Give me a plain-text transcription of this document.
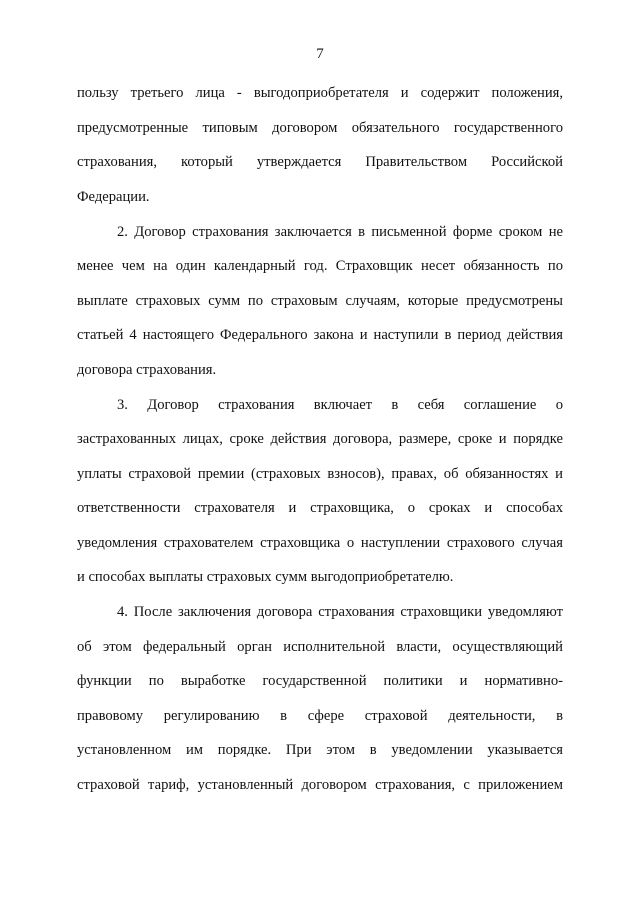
7
пользу третьего лица - выгодоприобретателя и содержит положения,
предусмотренные типовым договором обязательного государственного
страхования, который утверждается Правительством Российской
Федерации.
2. Договор страхования заключается в письменной форме сроком не
менее чем на один календарный год. Страховщик несет обязанность по
выплате страховых сумм по страховым случаям, которые предусмотрены
статьей 4 настоящего Федерального закона и наступили в период действия
договора страхования.
3. Договор страхования включает в себя соглашение о
застрахованных лицах, сроке действия договора, размере, сроке и порядке
уплаты страховой премии (страховых взносов), правах, об обязанностях и
ответственности страхователя и страховщика, о сроках и способах
уведомления страхователем страховщика о наступлении страхового случая
и способах выплаты страховых сумм выгодоприобретателю.
4. После заключения договора страхования страховщики уведомляют
об этом федеральный орган исполнительной власти, осуществляющий
функции по выработке государственной политики и нормативно-
правовому регулированию в сфере страховой деятельности, в
установленном им порядке. При этом в уведомлении указывается
страховой тариф, установленный договором страхования, с приложением
